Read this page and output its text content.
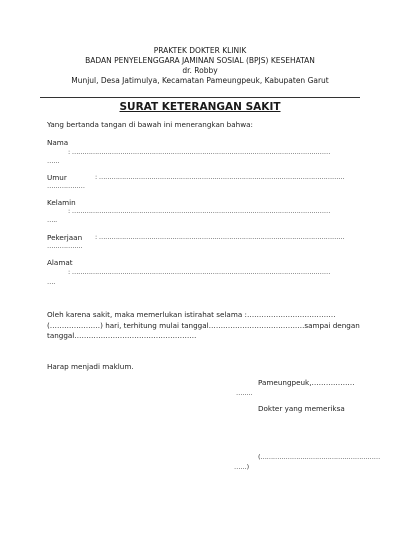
PRAKTEK DOKTER KLINIK
BADAN PENYELENGGARA JAMINAN SOSIAL (BPJS) KESEHATAN
dr. Robby
Munjul, Desa Jatimulya, Kecamatan Pameungpeuk, Kabupaten Garut
SURAT KETERANGAN SAKIT
Yang bertanda tangan di bawah ini menerangkan bahwa:
Nama
: ……………………………………………………………………………………………………………
……
Umur	: ………………………………………………………………………………………………………
………………
Kelamin
: ……………………………………………………………………………………………………………
…..
Pekerjaan : ………………………………………………………………………………………………………
……………..
Alamat
: ……………………………………………………………………………………………………………
….
Oleh karena sakit, maka memerlukan istirahat selama :……………………………….
(…………………) hari, terhitung mulai tanggal………………………………….sampai dengan
tanggal……………………………………………
Harap menjadi maklum.
Pameungpeuk,………………
……..
Dokter yang memeriksa
(…………………………………………………
……)
